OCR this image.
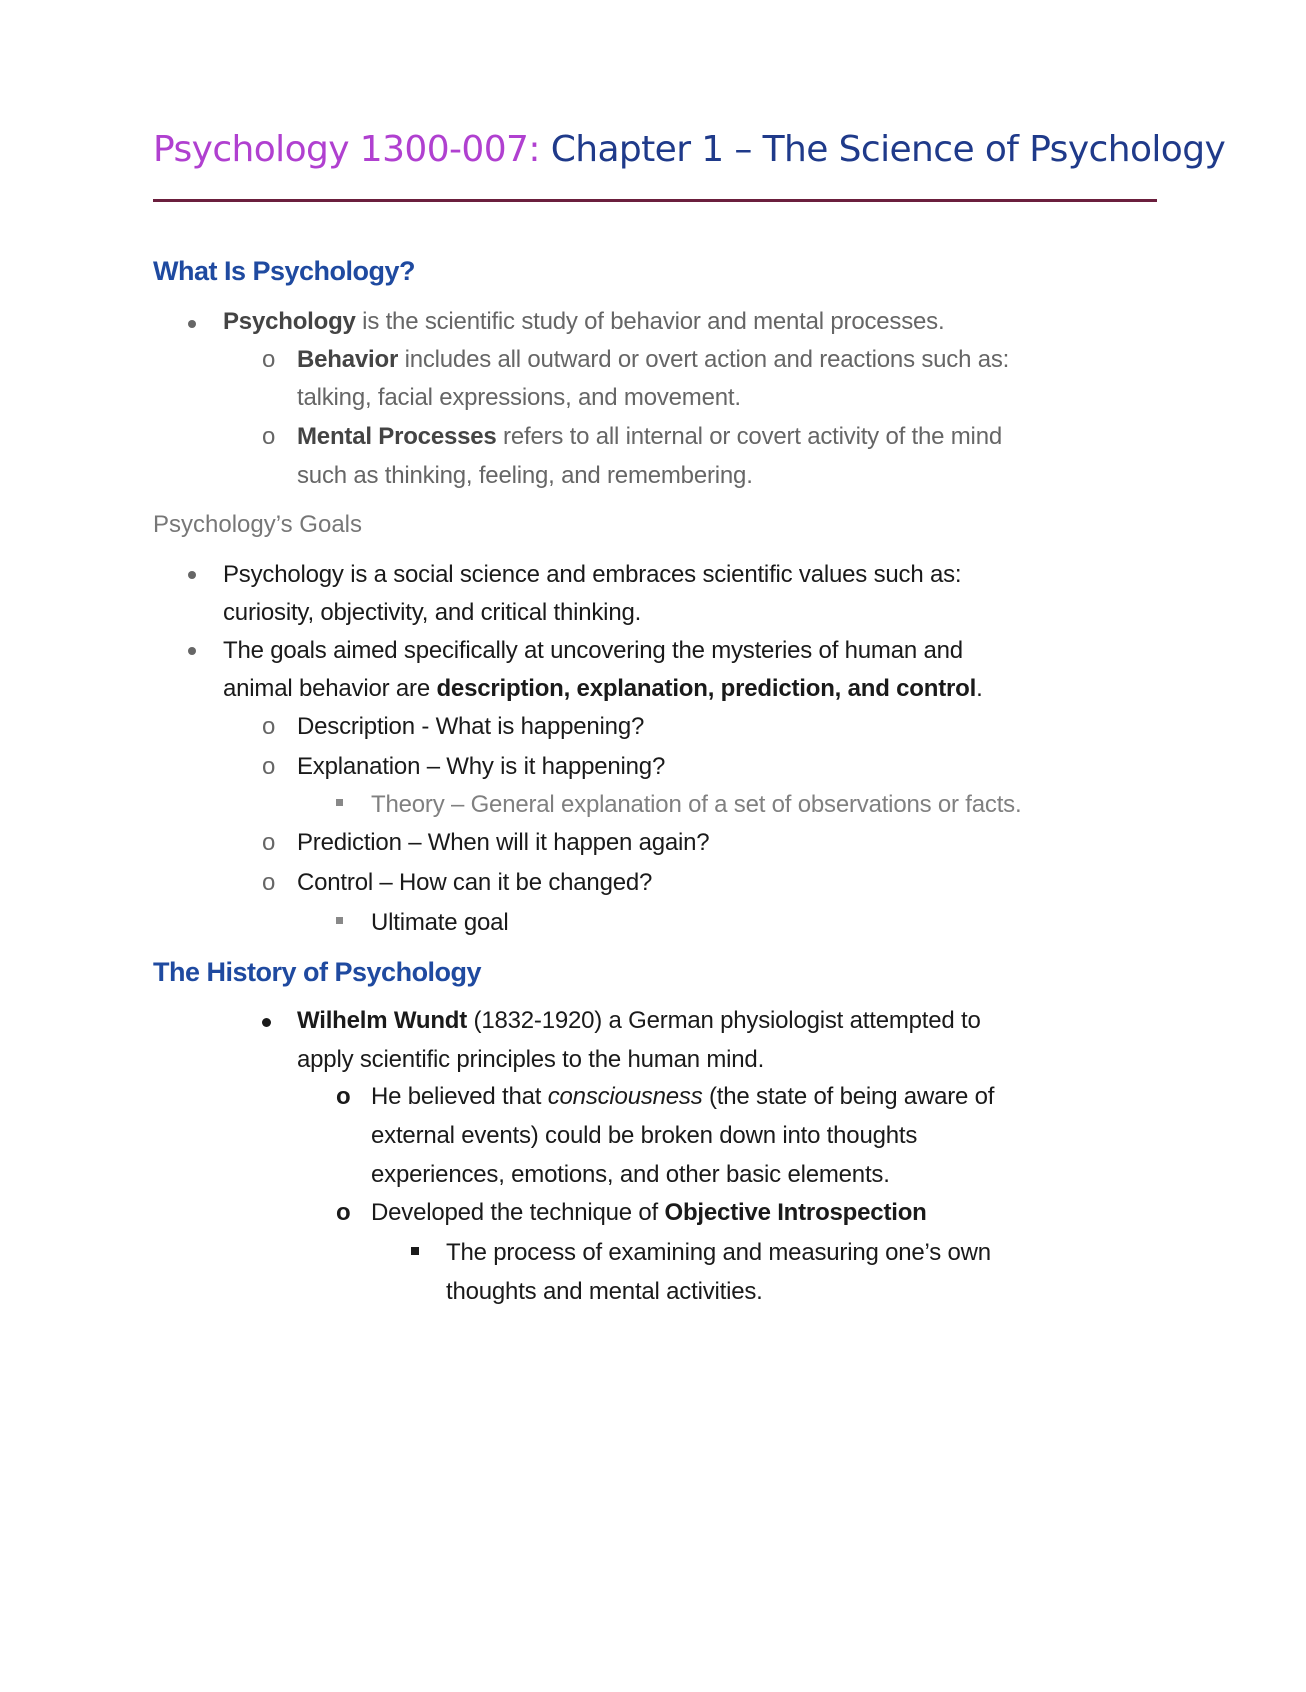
Psychology 1300-007: Chapter 1 – The Science of Psychology
What Is Psychology?
Psychology is the scientific study of behavior and mental processes.
o Behavior includes all outward or overt action and reactions such as:
talking, facial expressions, and movement.
o Mental Processes refers to all internal or covert activity of the mind
such as thinking, feeling, and remembering.
Psychology’s Goals
Psychology is a social science and embraces scientific values such as:
curiosity, objectivity, and critical thinking.
The goals aimed specifically at uncovering the mysteries of human and
animal behavior are description, explanation, prediction, and control.
o Description - What is happening?
o Explanation – Why is it happening?
Theory – General explanation of a set of observations or facts.
o Prediction – When will it happen again?
o Control – How can it be changed?
Ultimate goal
The History of Psychology
Wilhelm Wundt (1832-1920) a German physiologist attempted to
apply scientific principles to the human mind.
o He believed that consciousness (the state of being aware of
external events) could be broken down into thoughts
experiences, emotions, and other basic elements.
o Developed the technique of Objective Introspection
The process of examining and measuring one’s own
thoughts and mental activities.
